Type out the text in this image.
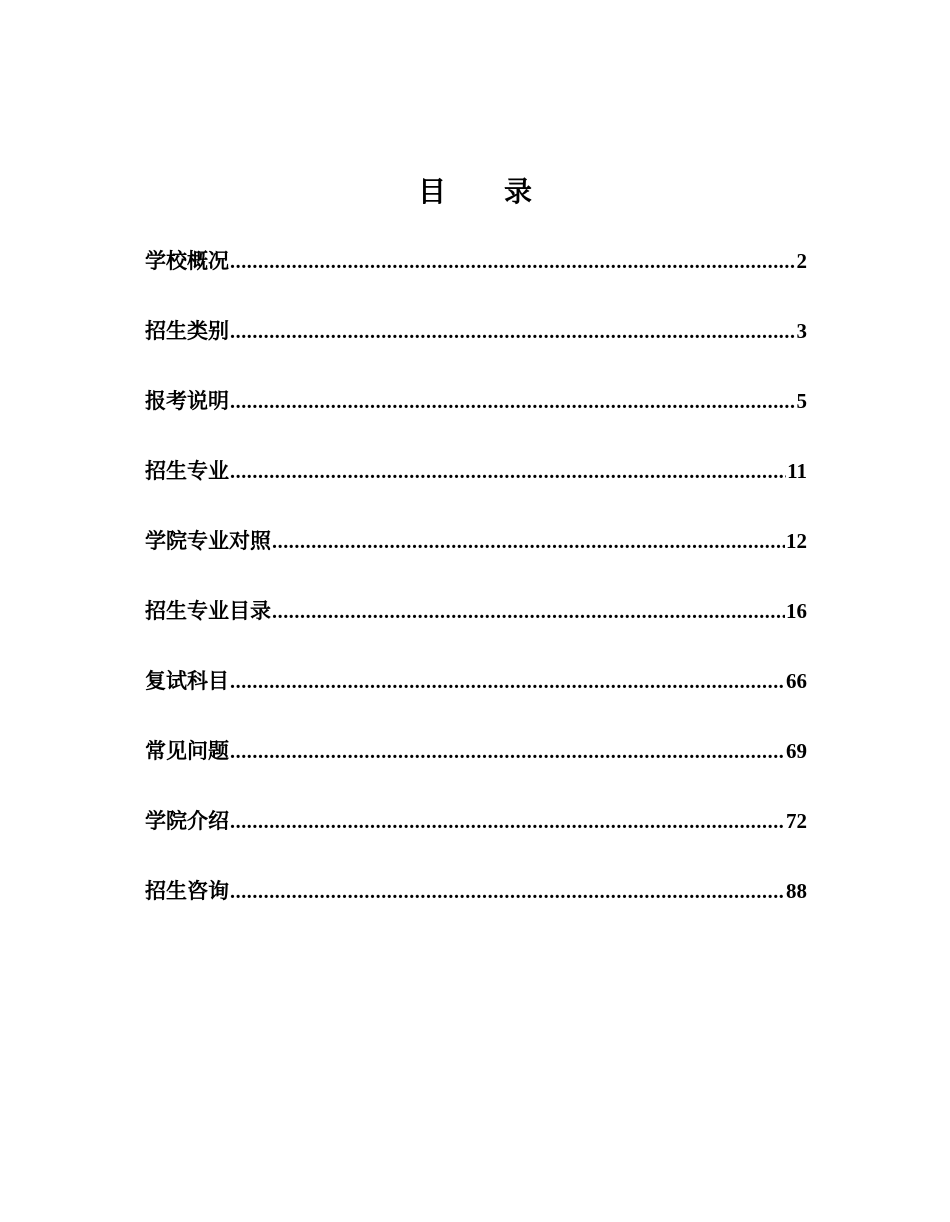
目 录
学校概况 .....	2
招生类别 .....	3
报考说明 .....	5
招生专业 .....	11
学院专业对照 .....	12
招生专业目录 .....	16
复试科目 .....	66
常见问题 .....	69
学院介绍 .....	72
招生咨询 .....	88
